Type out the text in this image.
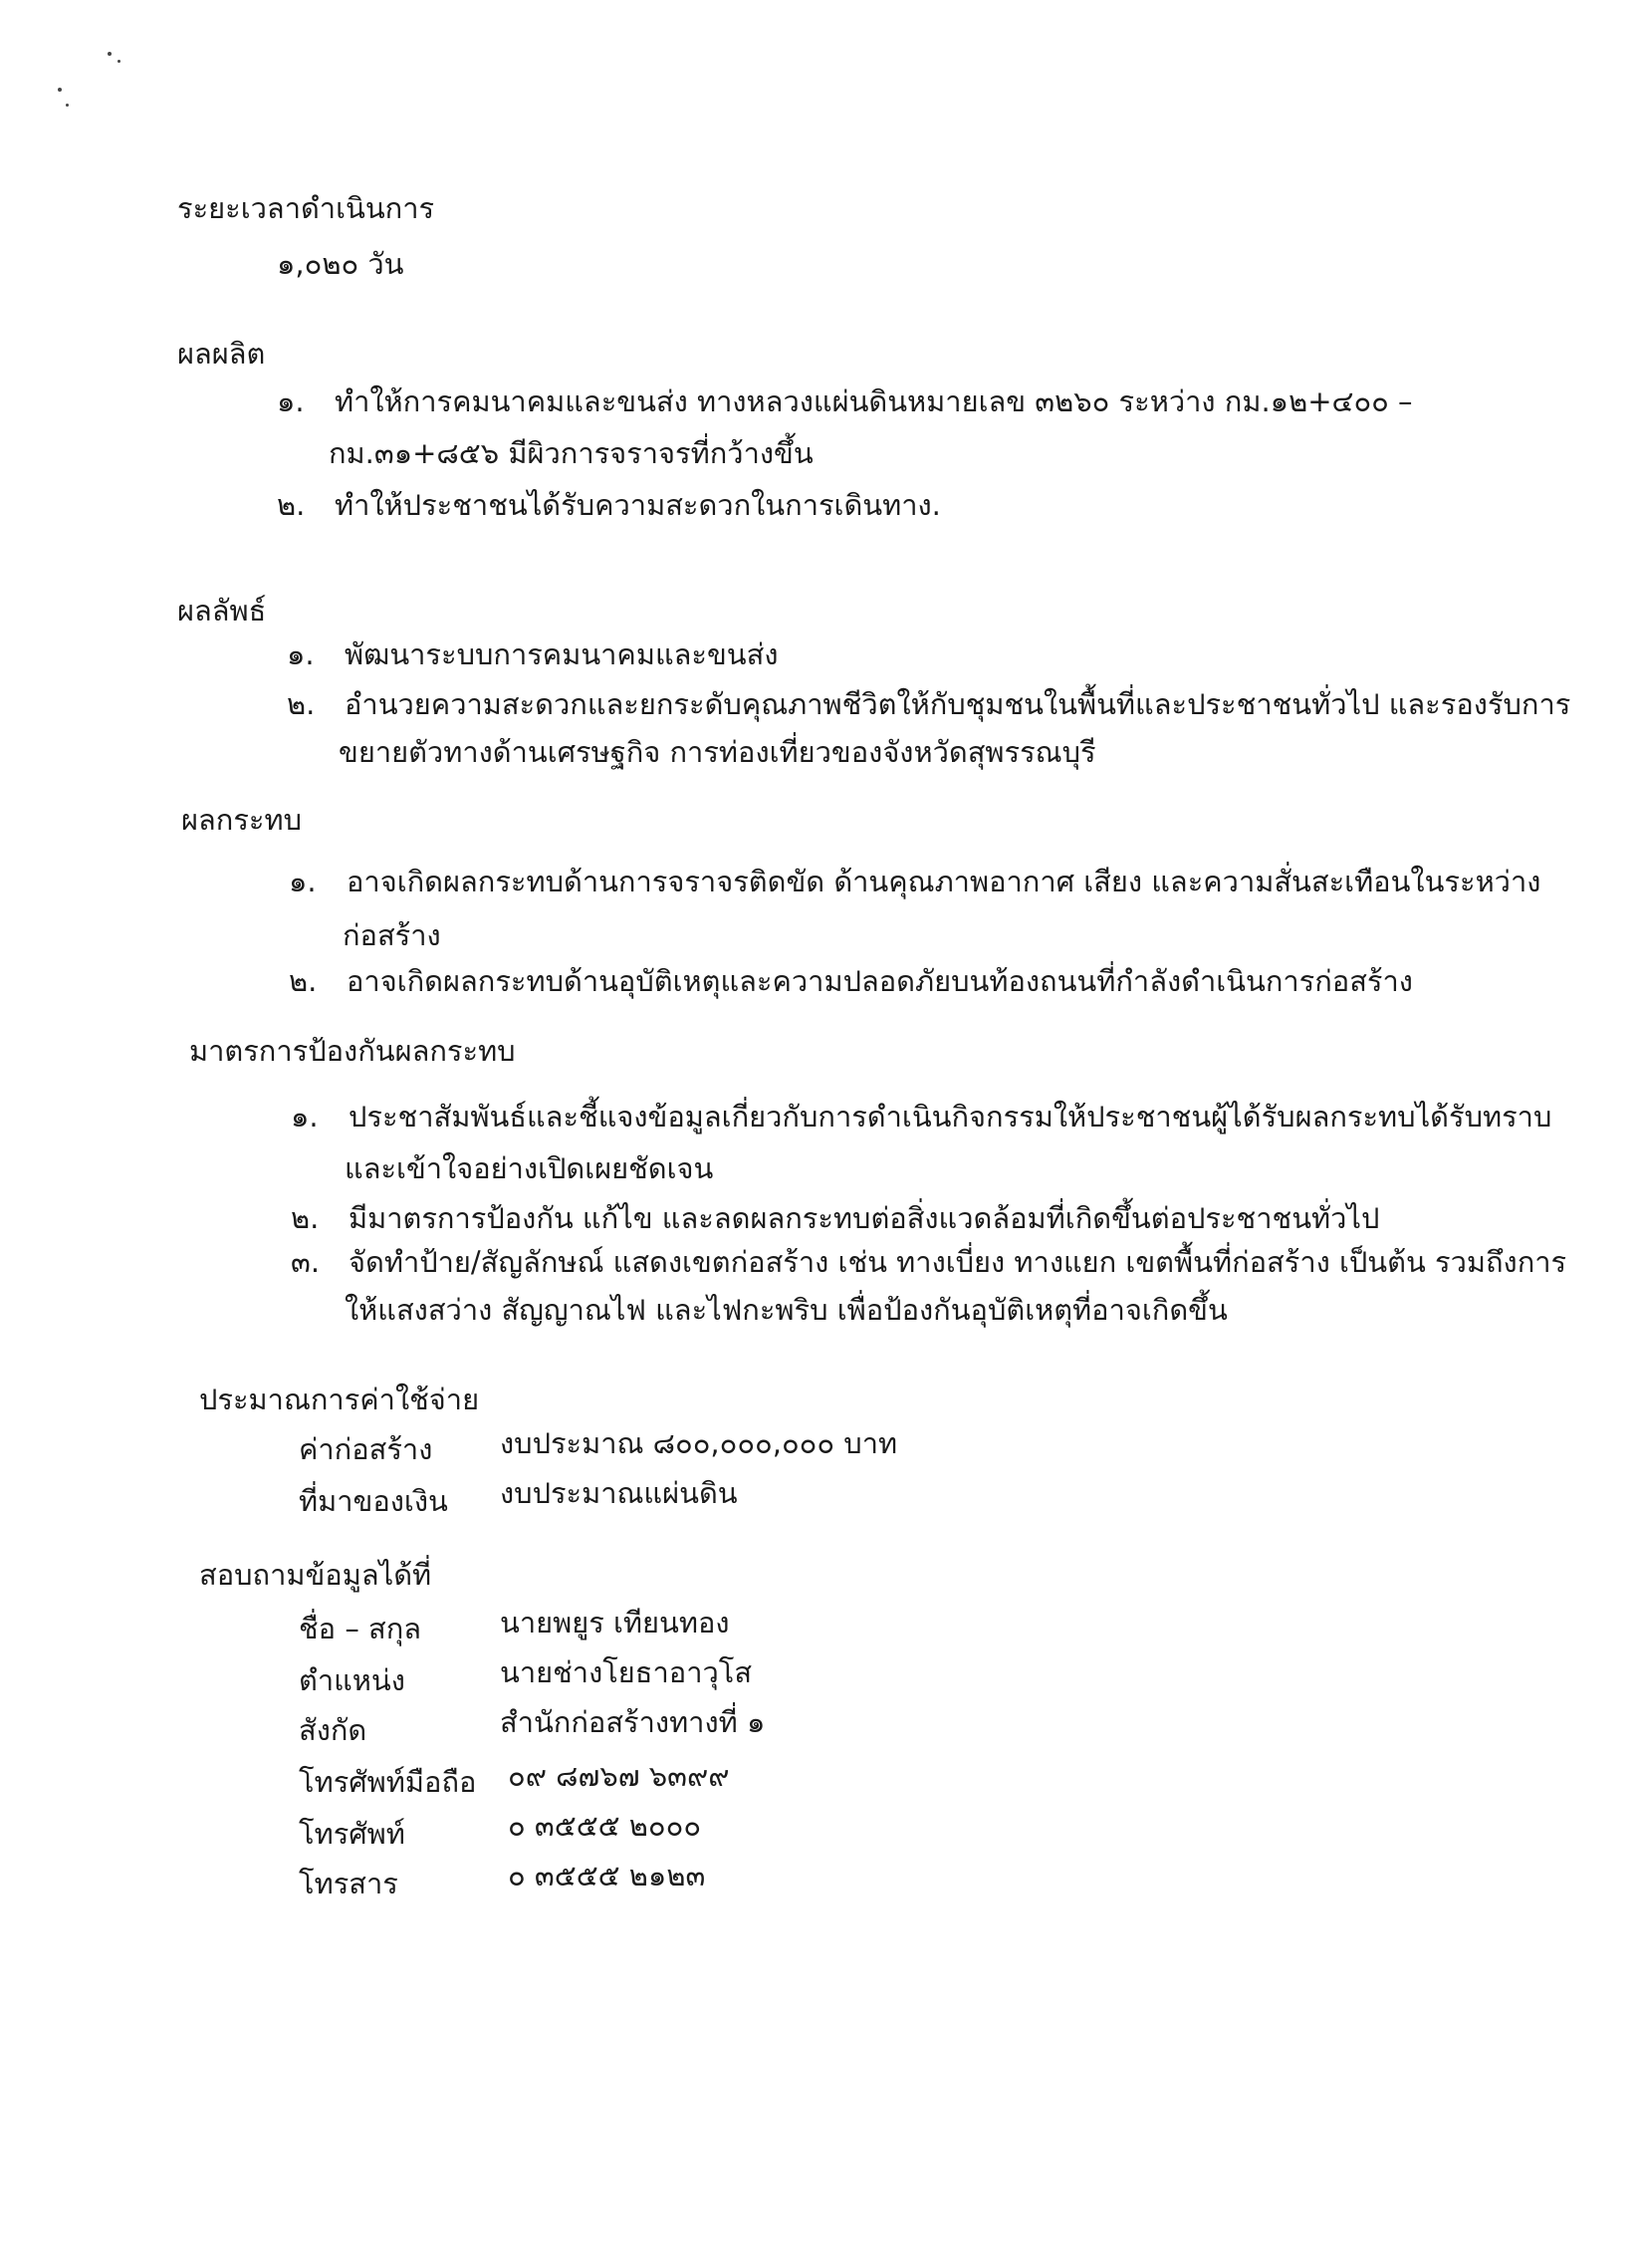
ระยะเวลาดำเนินการ
๑,๐๒๐ วัน
ผลผลิต
๑. ทำให้การคมนาคมและขนส่ง ทางหลวงแผ่นดินหมายเลข ๓๒๖๐ ระหว่าง กม.๑๒+๔๐๐ –
กม.๓๑+๘๕๖ มีผิวการจราจรที่กว้างขึ้น
๒. ทำให้ประชาชนได้รับความสะดวกในการเดินทาง.
ผลลัพธ์
๑. พัฒนาระบบการคมนาคมและขนส่ง
๒. อำนวยความสะดวกและยกระดับคุณภาพชีวิตให้กับชุมชนในพื้นที่และประชาชนทั่วไป และรองรับการ
ขยายตัวทางด้านเศรษฐกิจ การท่องเที่ยวของจังหวัดสุพรรณบุรี
ผลกระทบ
๑. อาจเกิดผลกระทบด้านการจราจรติดขัด ด้านคุณภาพอากาศ เสียง และความสั่นสะเทือนในระหว่าง
ก่อสร้าง
๒. อาจเกิดผลกระทบด้านอุบัติเหตุและความปลอดภัยบนท้องถนนที่กำลังดำเนินการก่อสร้าง
มาตรการป้องกันผลกระทบ
๑. ประชาสัมพันธ์และชี้แจงข้อมูลเกี่ยวกับการดำเนินกิจกรรมให้ประชาชนผู้ได้รับผลกระทบได้รับทราบ
และเข้าใจอย่างเปิดเผยชัดเจน
๒. มีมาตรการป้องกัน แก้ไข และลดผลกระทบต่อสิ่งแวดล้อมที่เกิดขึ้นต่อประชาชนทั่วไป
๓. จัดทำป้าย/สัญลักษณ์ แสดงเขตก่อสร้าง เช่น ทางเบี่ยง ทางแยก เขตพื้นที่ก่อสร้าง เป็นต้น รวมถึงการ
ให้แสงสว่าง สัญญาณไฟ และไฟกะพริบ เพื่อป้องกันอุบัติเหตุที่อาจเกิดขึ้น
ประมาณการค่าใช้จ่าย
ค่าก่อสร้าง งบประมาณ ๘๐๐,๐๐๐,๐๐๐ บาท
ที่มาของเงิน งบประมาณแผ่นดิน
สอบถามข้อมูลได้ที่
ชื่อ – สกุล	นายพยูร เทียนทอง
ตำแหน่ง	นายช่างโยธาอาวุโส
สังกัด	สำนักก่อสร้างทางที่ ๑
โทรศัพท์มือถือ ๐๙ ๘๗๖๗ ๖๓๙๙
โทรศัพท์	๐ ๓๕๕๕ ๒๐๐๐
โทรสาร	๐ ๓๕๕๕ ๒๑๒๓
